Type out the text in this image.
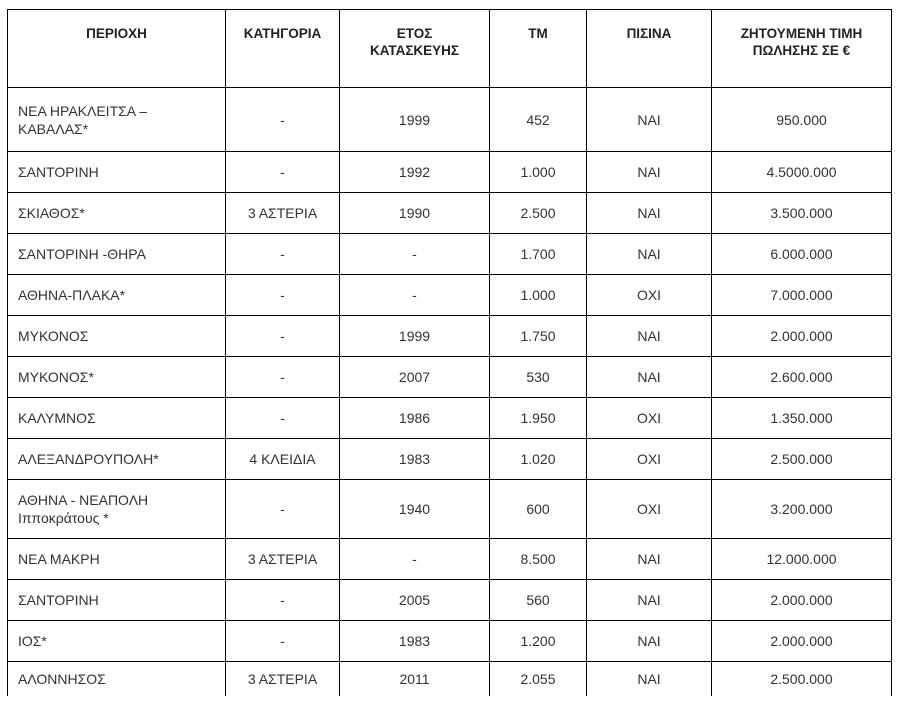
ΠΕΡΙΟΧΗ	ΚΑΤΗΓΟΡΙΑ	ΕΤΟΣ ΚΑΤΑΣΚΕΥΗΣ	ΤΜ	ΠΙΣΙΝΑ	ΖΗΤΟΥΜΕΝΗ ΤΙΜΗ ΠΩΛΗΣΗΣ ΣΕ €
ΝΕΑ ΗΡΑΚΛΕΙΤΣΑ – ΚΑΒΑΛΑΣ*	-	1999	452	ΝΑΙ	950.000
ΣΑΝΤΟΡΙΝΗ	-	1992	1.000	ΝΑΙ	4.5000.000
ΣΚΙΑΘΟΣ*	3 ΑΣΤΕΡΙΑ	1990	2.500	ΝΑΙ	3.500.000
ΣΑΝΤΟΡΙΝΗ -ΘΗΡΑ	-	-	1.700	ΝΑΙ	6.000.000
ΑΘΗΝΑ-ΠΛΑΚΑ*	-	-	1.000	ΟΧΙ	7.000.000
ΜΥΚΟΝΟΣ	-	1999	1.750	ΝΑΙ	2.000.000
ΜΥΚΟΝΟΣ*	-	2007	530	ΝΑΙ	2.600.000
ΚΑΛΥΜΝΟΣ	-	1986	1.950	ΟΧΙ	1.350.000
ΑΛΕΞΑΝΔΡΟΥΠΟΛΗ*	4 ΚΛΕΙΔΙΑ	1983	1.020	ΟΧΙ	2.500.000
ΑΘΗΝΑ - ΝΕΑΠΟΛΗ Ιπποκράτους *	-	1940	600	ΟΧΙ	3.200.000
ΝΕΑ ΜΑΚΡΗ	3 ΑΣΤΕΡΙΑ	-	8.500	ΝΑΙ	12.000.000
ΣΑΝΤΟΡΙΝΗ	-	2005	560	ΝΑΙ	2.000.000
ΙΟΣ*	-	1983	1.200	ΝΑΙ	2.000.000
ΑΛΟΝΝΗΣΟΣ	3 ΑΣΤΕΡΙΑ	2011	2.055	ΝΑΙ	2.500.000
